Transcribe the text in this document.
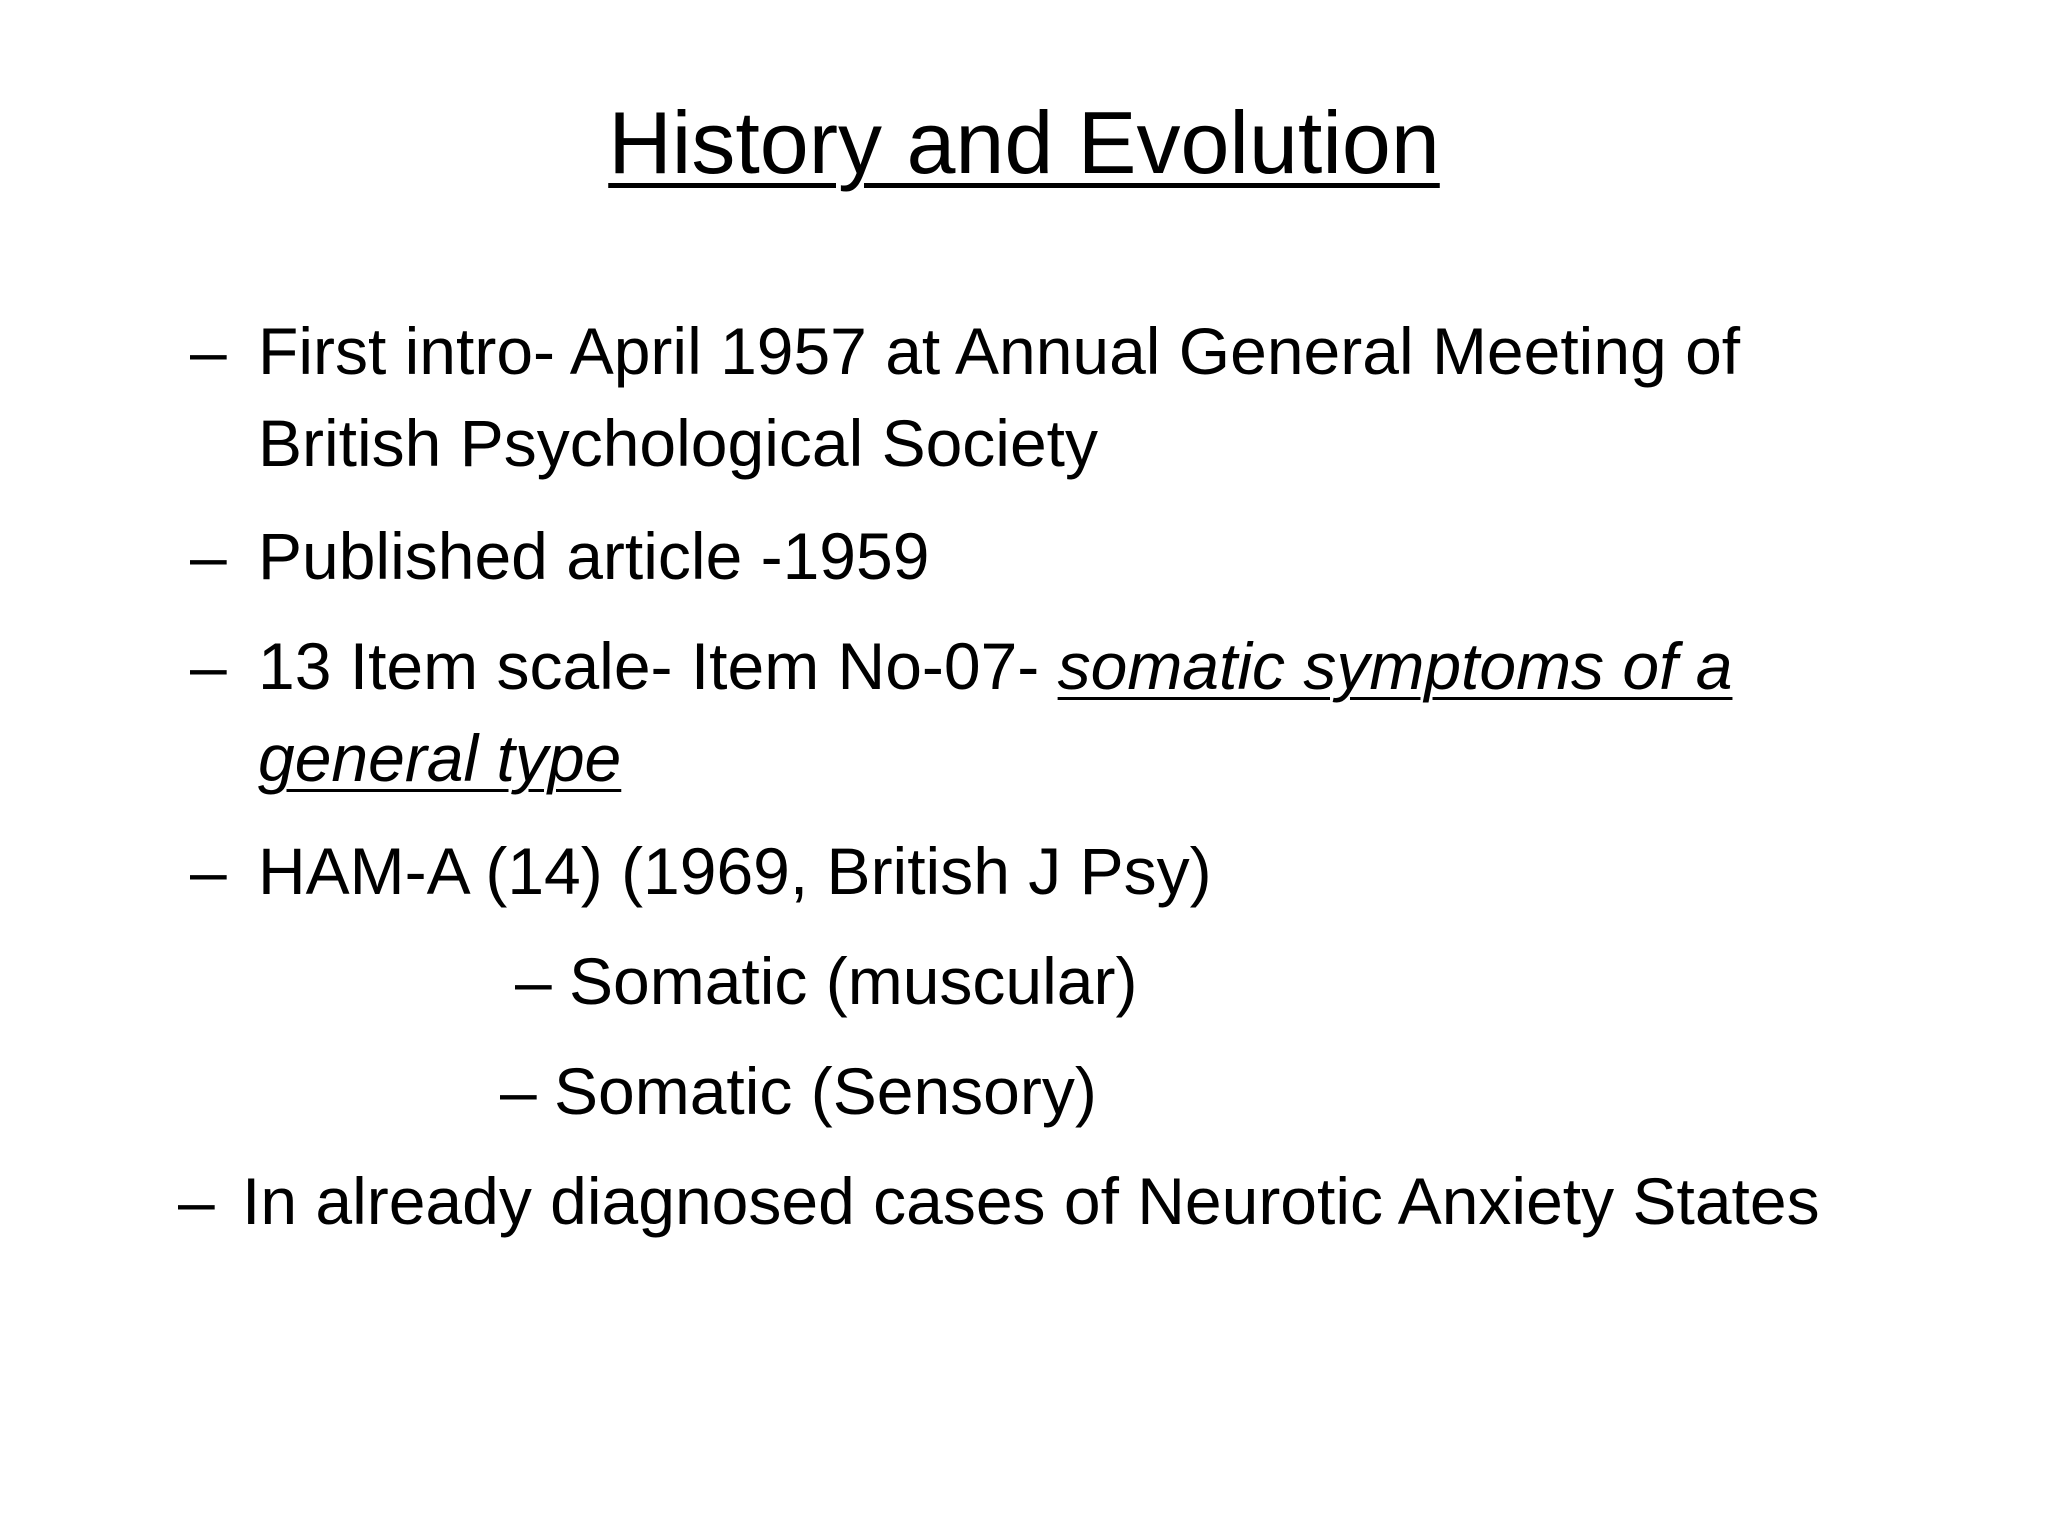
History and Evolution
– First intro- April 1957 at Annual General Meeting of
British Psychological Society
– Published article -1959
– 13 Item scale- Item No-07- somatic symptoms of a
general type
– HAM-A (14) (1969, British J Psy)
– Somatic (muscular)
– Somatic (Sensory)
– In already diagnosed cases of Neurotic Anxiety States
